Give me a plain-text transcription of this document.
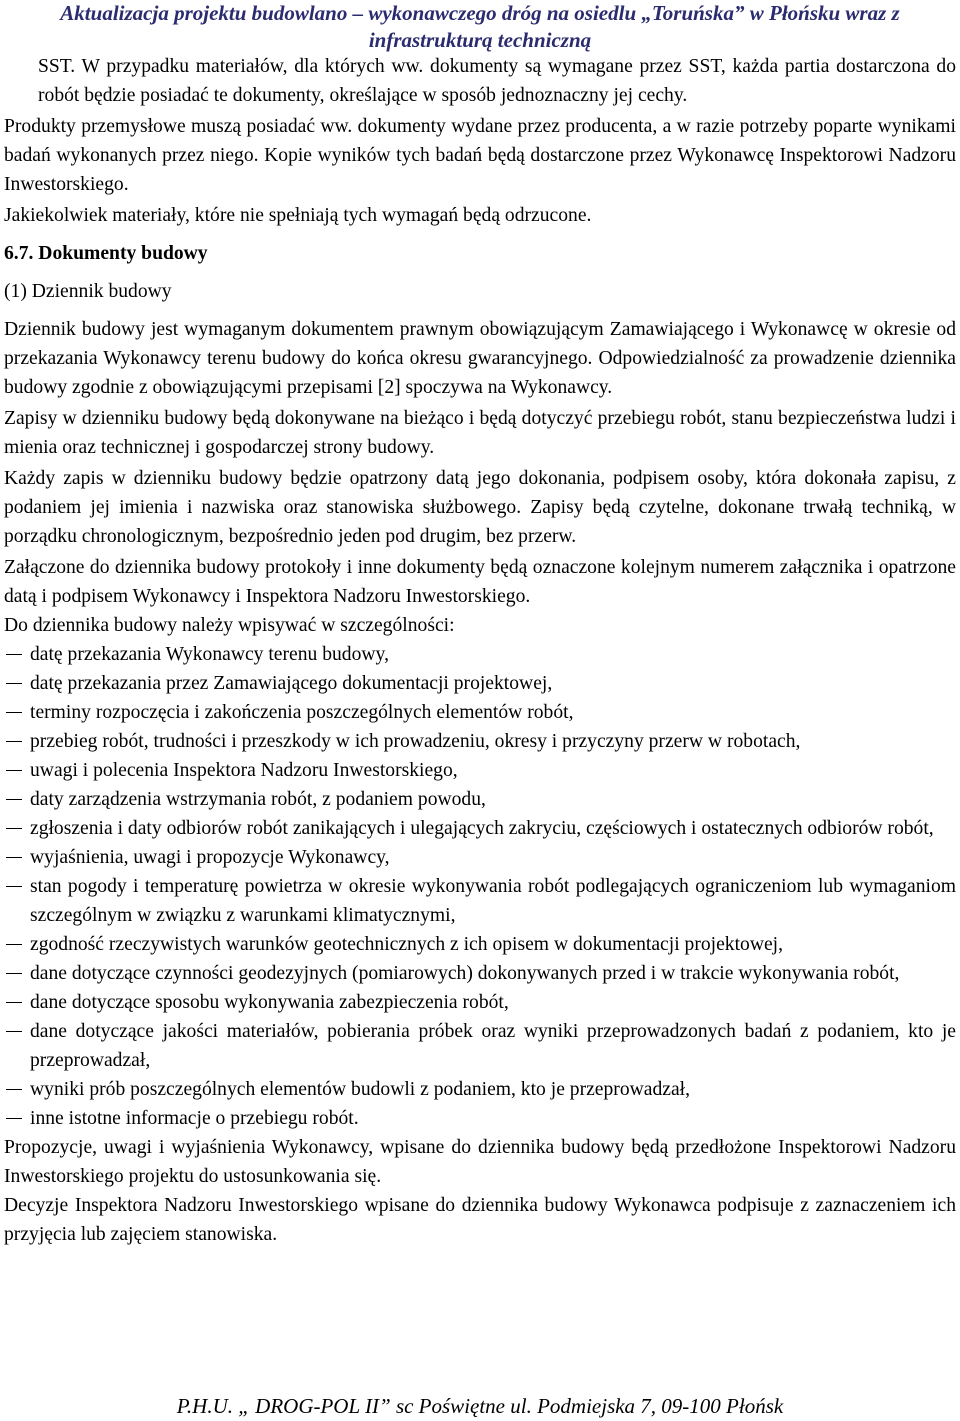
Aktualizacja projektu budowlano – wykonawczego dróg na osiedlu „Toruńska” w Płońsku wraz z
infrastrukturą techniczną

SST. W przypadku materiałów, dla których ww. dokumenty są wymagane przez SST, każda partia dostarczona do robót będzie posiadać te dokumenty, określające w sposób jednoznaczny jej cechy.

Produkty przemysłowe muszą posiadać ww. dokumenty wydane przez producenta, a w razie potrzeby poparte wynikami badań wykonanych przez niego. Kopie wyników tych badań będą dostarczone przez Wykonawcę Inspektorowi Nadzoru Inwestorskiego.

Jakiekolwiek materiały, które nie spełniają tych wymagań będą odrzucone.

6.7. Dokumenty budowy

(1) Dziennik budowy

Dziennik budowy jest wymaganym dokumentem prawnym obowiązującym Zamawiającego i Wykonawcę w okresie od przekazania Wykonawcy terenu budowy do końca okresu gwarancyjnego. Odpowiedzialność za prowadzenie dziennika budowy zgodnie z obowiązującymi przepisami [2] spoczywa na Wykonawcy.

Zapisy w dzienniku budowy będą dokonywane na bieżąco i będą dotyczyć przebiegu robót, stanu bezpieczeństwa ludzi i mienia oraz technicznej i gospodarczej strony budowy.

Każdy zapis w dzienniku budowy będzie opatrzony datą jego dokonania, podpisem osoby, która dokonała zapisu, z podaniem jej imienia i nazwiska oraz stanowiska służbowego. Zapisy będą czytelne, dokonane trwałą techniką, w porządku chronologicznym, bezpośrednio jeden pod drugim, bez przerw.

Załączone do dziennika budowy protokoły i inne dokumenty będą oznaczone kolejnym numerem załącznika i opatrzone datą i podpisem Wykonawcy i Inspektora Nadzoru Inwestorskiego.

Do dziennika budowy należy wpisywać w szczególności:

datę przekazania Wykonawcy terenu budowy,
datę przekazania przez Zamawiającego dokumentacji projektowej,
terminy rozpoczęcia i zakończenia poszczególnych elementów robót,
przebieg robót, trudności i przeszkody w ich prowadzeniu, okresy i przyczyny przerw w robotach,
uwagi i polecenia Inspektora Nadzoru Inwestorskiego,
daty zarządzenia wstrzymania robót, z podaniem powodu,
zgłoszenia i daty odbiorów robót zanikających i ulegających zakryciu, częściowych i ostatecznych odbiorów robót,
wyjaśnienia, uwagi i propozycje Wykonawcy,
stan pogody i temperaturę powietrza w okresie wykonywania robót podlegających ograniczeniom lub wymaganiom szczególnym w związku z warunkami klimatycznymi,
zgodność rzeczywistych warunków geotechnicznych z ich opisem w dokumentacji projektowej,
dane dotyczące czynności geodezyjnych (pomiarowych) dokonywanych przed i w trakcie wykonywania robót,
dane dotyczące sposobu wykonywania zabezpieczenia robót,
dane dotyczące jakości materiałów, pobierania próbek oraz wyniki przeprowadzonych badań z podaniem, kto je przeprowadzał,
wyniki prób poszczególnych elementów budowli z podaniem, kto je przeprowadzał,
inne istotne informacje o przebiegu robót.

Propozycje, uwagi i wyjaśnienia Wykonawcy, wpisane do dziennika budowy będą przedłożone Inspektorowi Nadzoru Inwestorskiego projektu do ustosunkowania się.

Decyzje Inspektora Nadzoru Inwestorskiego wpisane do dziennika budowy Wykonawca podpisuje z zaznaczeniem ich przyjęcia lub zajęciem stanowiska.

P.H.U. „ DROG-POL II” sc Poświętne ul. Podmiejska 7, 09-100 Płońsk
